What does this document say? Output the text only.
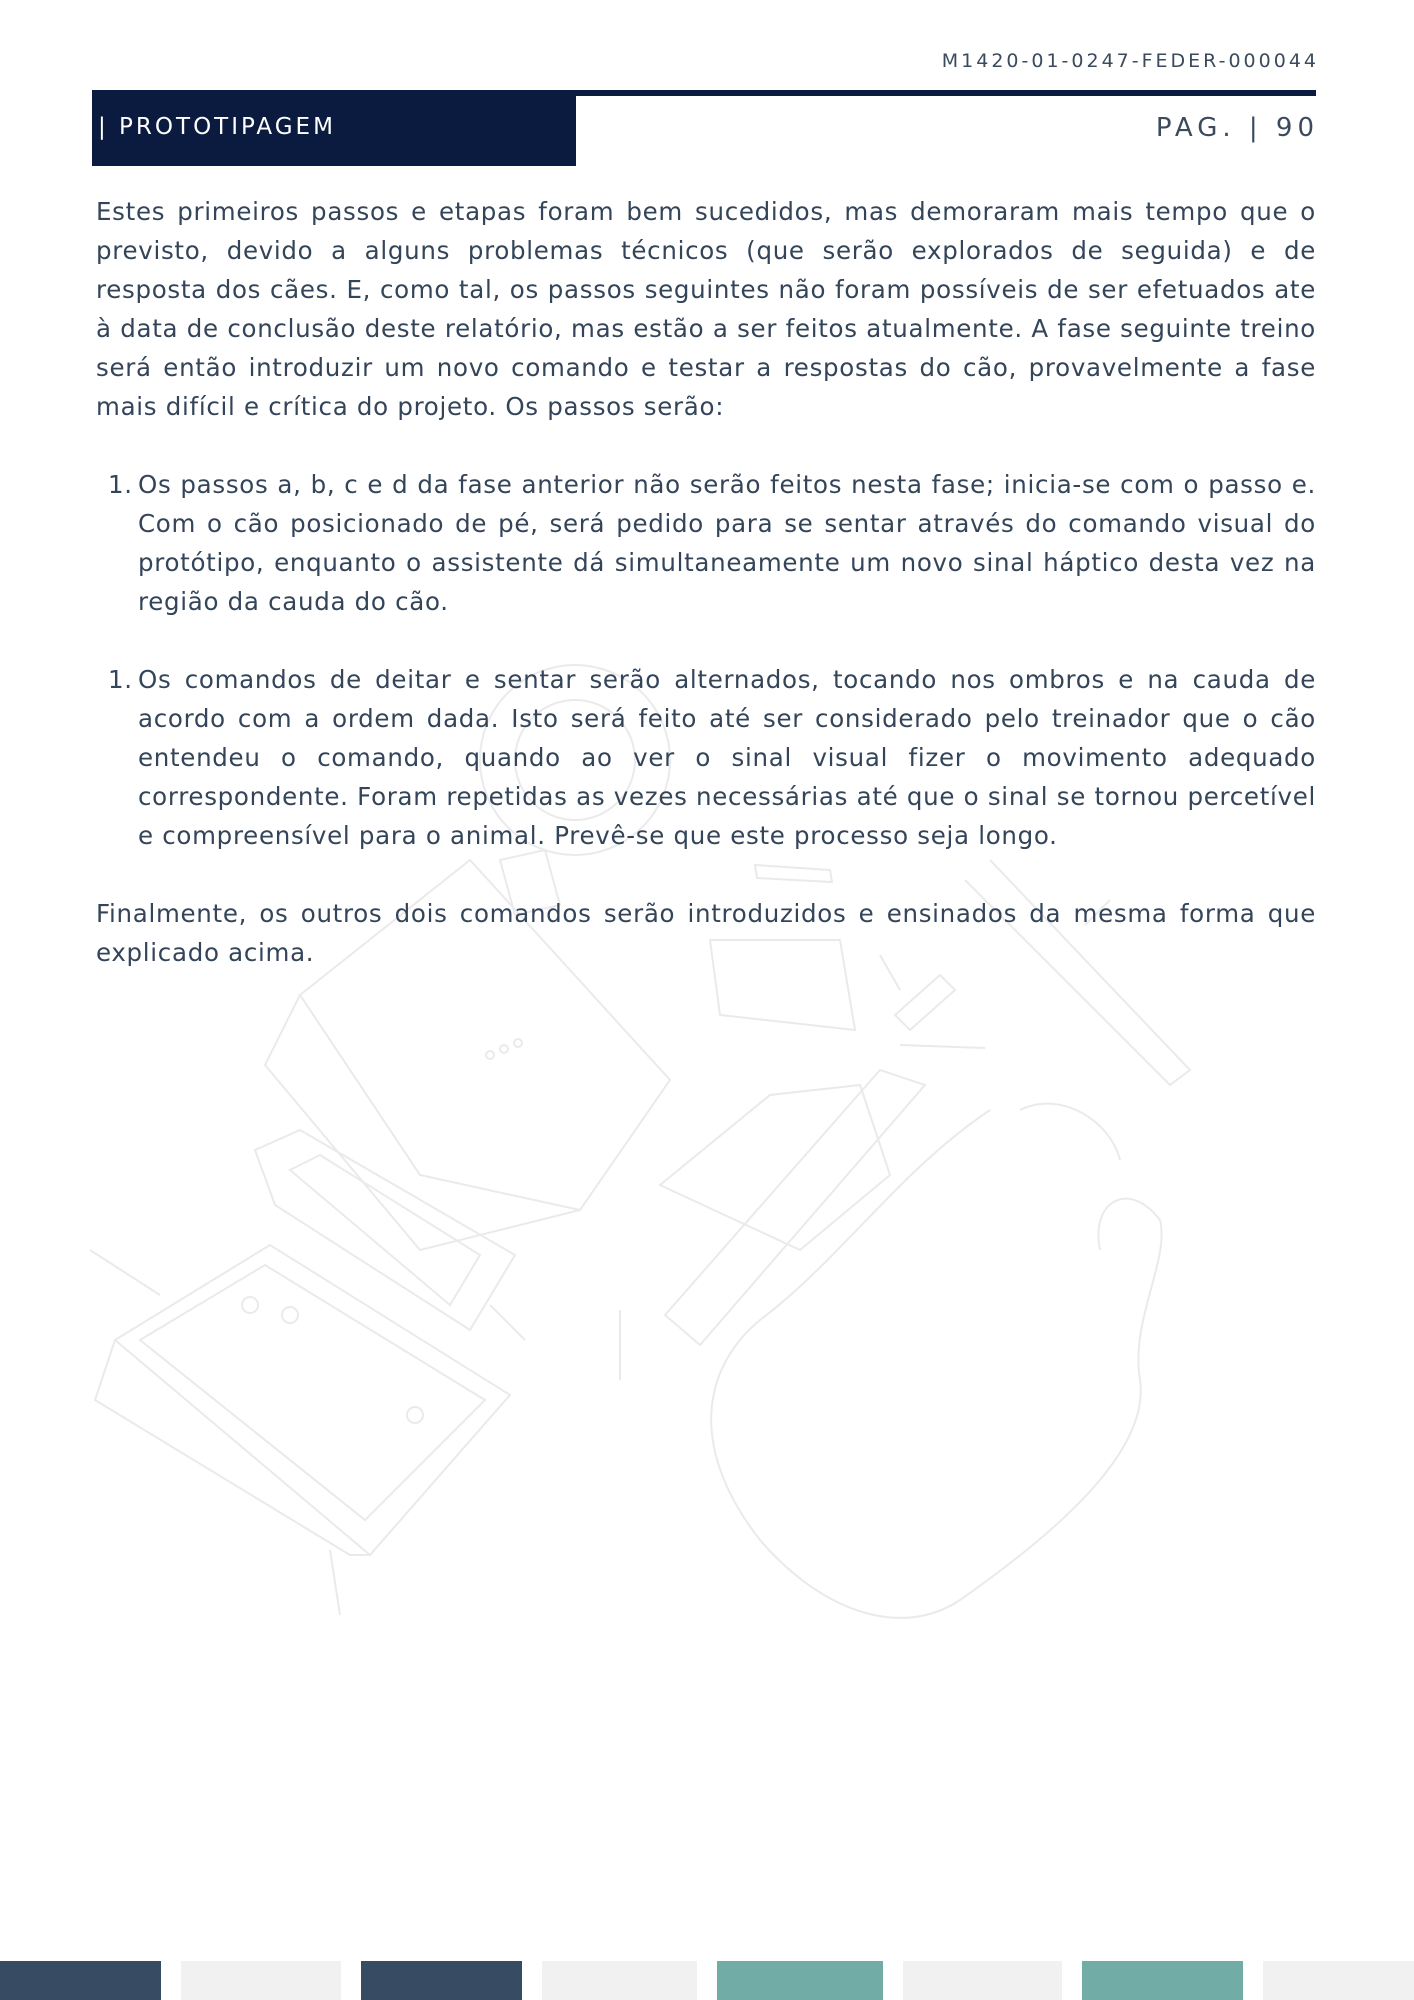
M1420-01-0247-FEDER-000044
| PROTOTIPAGEM	PAG. | 90

Estes primeiros passos e etapas foram bem sucedidos, mas demoraram mais tempo que o previsto, devido a alguns problemas técnicos (que serão explorados de seguida) e de resposta dos cães. E, como tal, os passos seguintes não foram possíveis de ser efetuados ate à data de conclusão deste relatório, mas estão a ser feitos atualmente. A fase seguinte treino será então introduzir um novo comando e testar a respostas do cão, provavelmente a fase mais difícil e crítica do projeto. Os passos serão:

1. Os passos a, b, c e d da fase anterior não serão feitos nesta fase; inicia-se com o passo e. Com o cão posicionado de pé, será pedido para se sentar através do comando visual do protótipo, enquanto o assistente dá simultaneamente um novo sinal háptico desta vez na região da cauda do cão.
1. Os comandos de deitar e sentar serão alternados, tocando nos ombros e na cauda de acordo com a ordem dada. Isto será feito até ser considerado pelo treinador que o cão entendeu o comando, quando ao ver o sinal visual fizer o movimento adequado correspondente. Foram repetidas as vezes necessárias até que o sinal se tornou percetível e compreensível para o animal. Prevê-se que este processo seja longo.

Finalmente, os outros dois comandos serão introduzidos e ensinados da mesma forma que explicado acima.
